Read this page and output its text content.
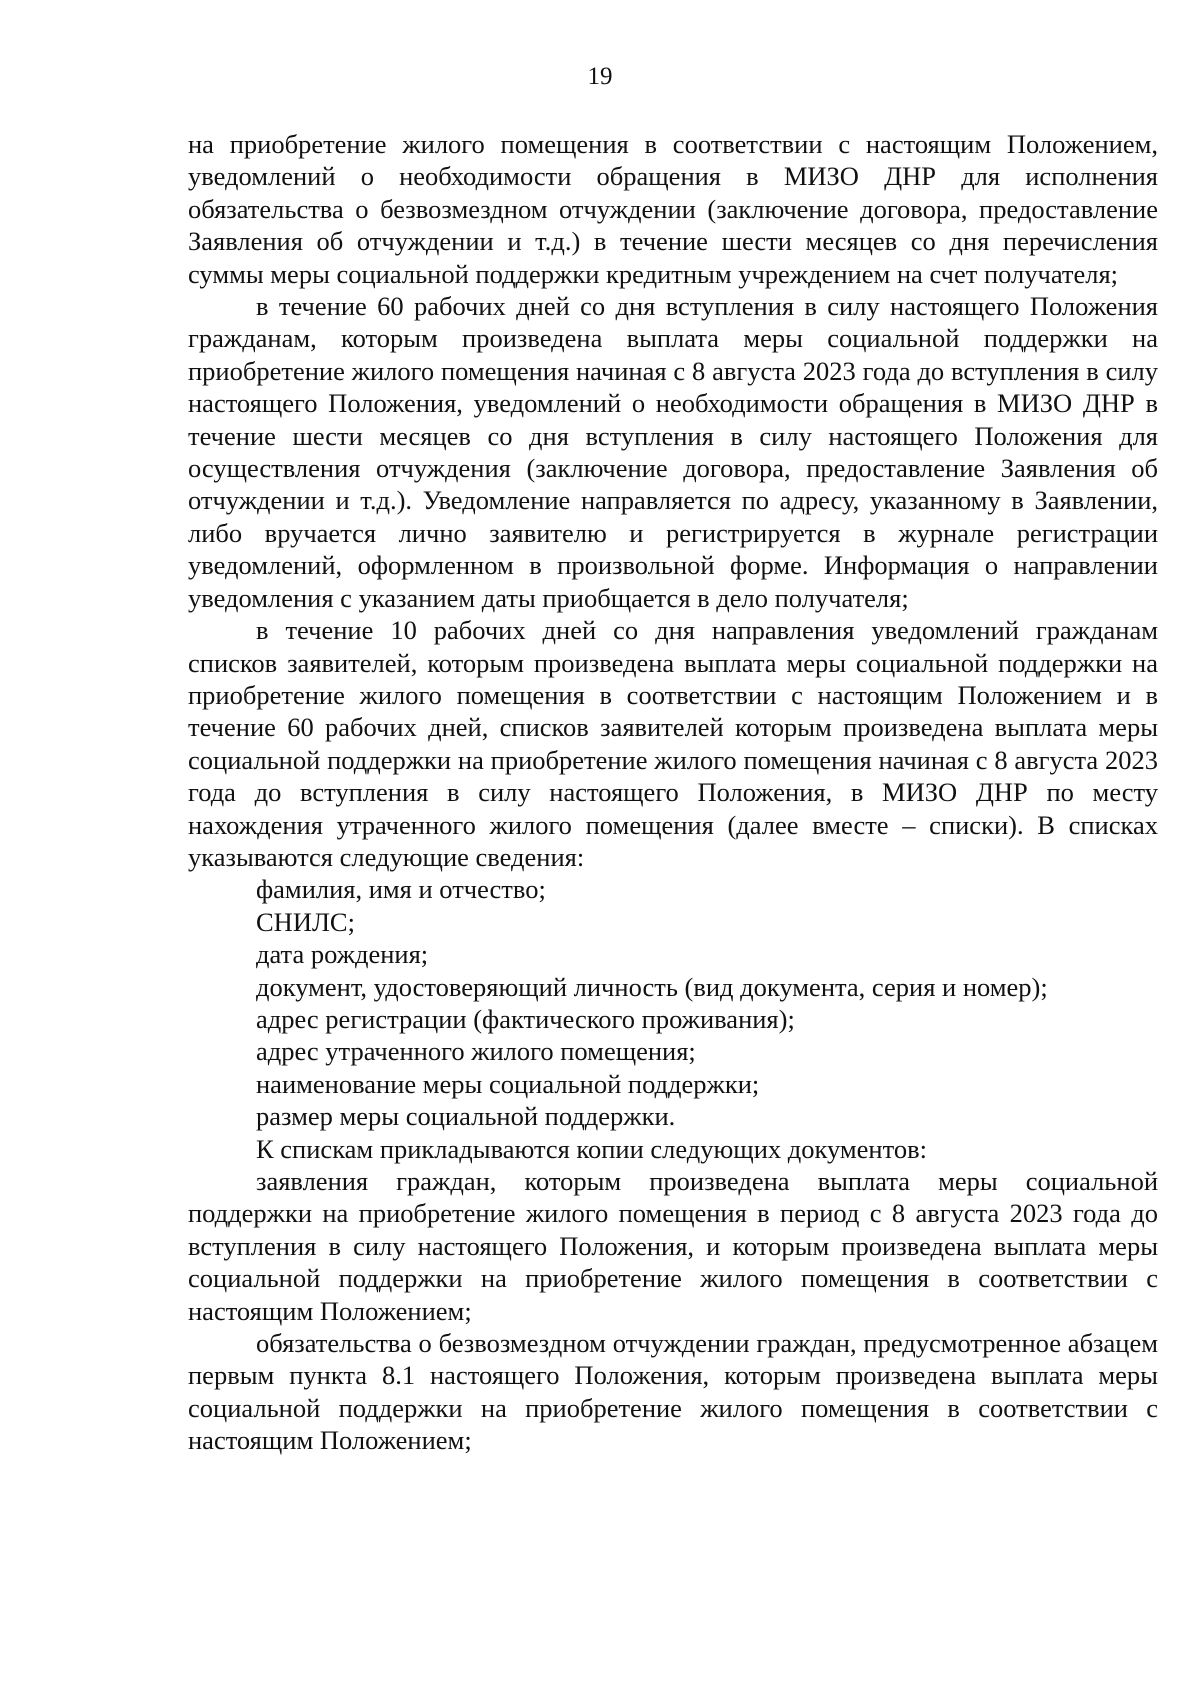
19

на приобретение жилого помещения в соответствии с настоящим Положением, уведомлений о необходимости обращения в МИЗО ДНР для исполнения обязательства о безвозмездном отчуждении (заключение договора, предоставление Заявления об отчуждении и т.д.) в течение шести месяцев со дня перечисления суммы меры социальной поддержки кредитным учреждением на счет получателя;

в течение 60 рабочих дней со дня вступления в силу настоящего Положения гражданам, которым произведена выплата меры социальной поддержки на приобретение жилого помещения начиная с 8 августа 2023 года до вступления в силу настоящего Положения, уведомлений о необходимости обращения в МИЗО ДНР в течение шести месяцев со дня вступления в силу настоящего Положения для осуществления отчуждения (заключение договора, предоставление Заявления об отчуждении и т.д.). Уведомление направляется по адресу, указанному в Заявлении, либо вручается лично заявителю и регистрируется в журнале регистрации уведомлений, оформленном в произвольной форме. Информация о направлении уведомления с указанием даты приобщается в дело получателя;

в течение 10 рабочих дней со дня направления уведомлений гражданам списков заявителей, которым произведена выплата меры социальной поддержки на приобретение жилого помещения в соответствии с настоящим Положением и в течение 60 рабочих дней, списков заявителей которым произведена выплата меры социальной поддержки на приобретение жилого помещения начиная с 8 августа 2023 года до вступления в силу настоящего Положения, в МИЗО ДНР по месту нахождения утраченного жилого помещения (далее вместе – списки). В списках указываются следующие сведения:

фамилия, имя и отчество;

СНИЛС;

дата рождения;

документ, удостоверяющий личность (вид документа, серия и номер);

адрес регистрации (фактического проживания);

адрес утраченного жилого помещения;

наименование меры социальной поддержки;

размер меры социальной поддержки.

К спискам прикладываются копии следующих документов:

заявления граждан, которым произведена выплата меры социальной поддержки на приобретение жилого помещения в период с 8 августа 2023 года до вступления в силу настоящего Положения, и которым произведена выплата меры социальной поддержки на приобретение жилого помещения в соответствии с настоящим Положением;

обязательства о безвозмездном отчуждении граждан, предусмотренное абзацем первым пункта 8.1 настоящего Положения, которым произведена выплата меры социальной поддержки на приобретение жилого помещения в соответствии с настоящим Положением;
